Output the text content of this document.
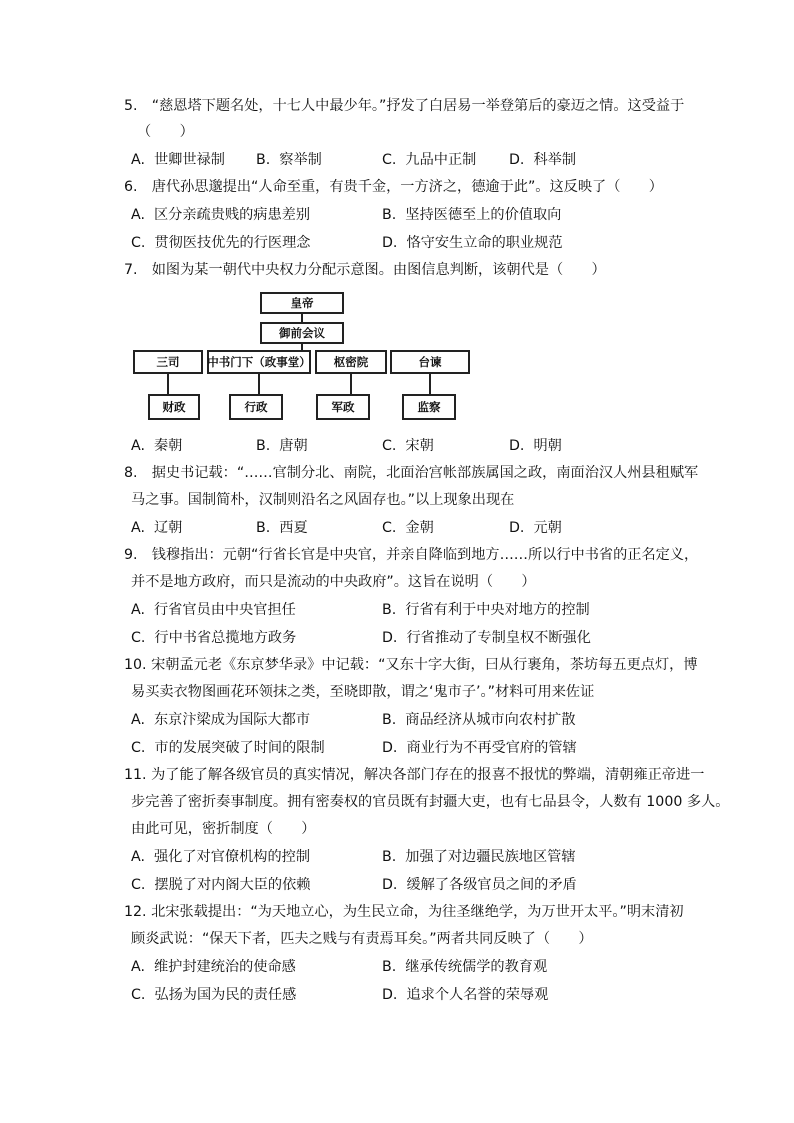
5.　“慈恩塔下题名处，十七人中最少年。”抒发了白居易一举登第后的豪迈之情。这受益于
（　　）
A.  世卿世禄制 B.  察举制	C.  九品中正制 D.  科举制
6.　唐代孙思邈提出“人命至重，有贵千金，一方济之，德逾于此”。这反映了（　　）
A.  区分亲疏贵贱的病患差别	B.  坚持医德至上的价值取向
C.  贯彻医技优先的行医理念	D.  恪守安生立命的职业规范
7.　如图为某一朝代中央权力分配示意图。由图信息判断，该朝代是（　　）
皇帝
御前会议
三司	中书门下（政事堂）	枢密院	台谏
财政	行政	军政	监察
A.  秦朝	B.  唐朝	C.  宋朝	D.  明朝
8.　据史书记载：“……官制分北、南院，北面治宫帐部族属国之政，南面治汉人州县租赋军
马之事。国制简朴，汉制则沿名之风固存也。”以上现象出现在
A.  辽朝	B.  西夏	C.  金朝	D.  元朝
9.　钱穆指出：元朝“行省长官是中央官，并亲自降临到地方……所以行中书省的正名定义，
并不是地方政府，而只是流动的中央政府”。这旨在说明（　　）
A.  行省官员由中央官担任	B.  行省有利于中央对地方的控制
C.  行中书省总揽地方政务	D.  行省推动了专制皇权不断强化
10. 宋朝孟元老《东京梦华录》中记载：“又东十字大街，曰从行裹角，茶坊每五更点灯，博
易买卖衣物图画花环领抹之类，至晓即散，谓之‘鬼市子’。”材料可用来佐证
A.  东京汴梁成为国际大都市	B.  商品经济从城市向农村扩散
C.  市的发展突破了时间的限制	D.  商业行为不再受官府的管辖
11. 为了能了解各级官员的真实情况，解决各部门存在的报喜不报忧的弊端，清朝雍正帝进一
步完善了密折奏事制度。拥有密奏权的官员既有封疆大吏，也有七品县令，人数有 1000 多人。
由此可见，密折制度（　　）
A.  强化了对官僚机构的控制	B.  加强了对边疆民族地区管辖
C.  摆脱了对内阁大臣的依赖	D.  缓解了各级官员之间的矛盾
12. 北宋张载提出：“为天地立心，为生民立命，为往圣继绝学，为万世开太平。”明末清初
顾炎武说：“保天下者，匹夫之贱与有责焉耳矣。”两者共同反映了（　　）
A.  维护封建统治的使命感	B.  继承传统儒学的教育观
C.  弘扬为国为民的责任感	D.  追求个人名誉的荣辱观
